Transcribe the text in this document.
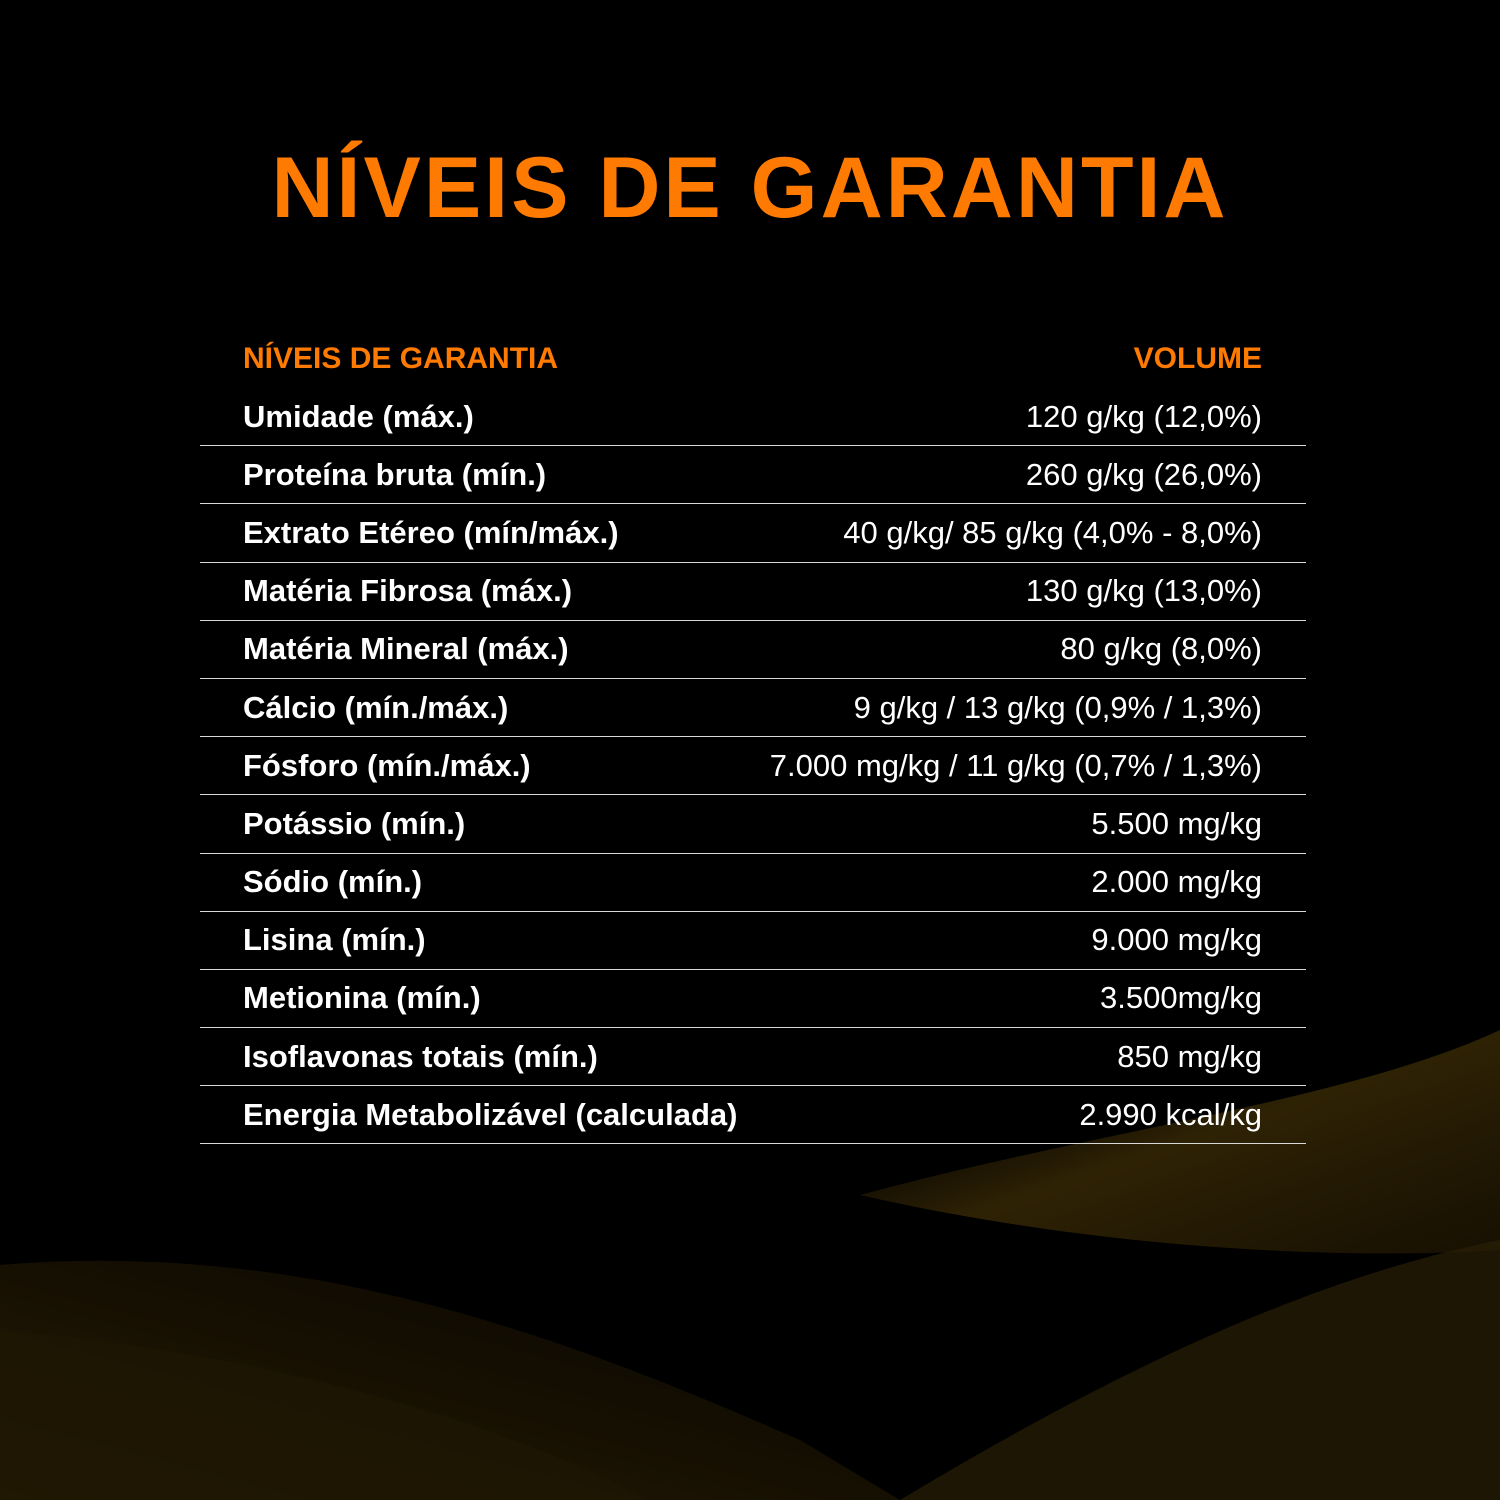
NÍVEIS DE GARANTIA
NÍVEIS DE GARANTIA	VOLUME
Umidade (máx.)	120 g/kg (12,0%)
Proteína bruta (mín.)	260 g/kg (26,0%)
Extrato Etéreo (mín/máx.)	40 g/kg/ 85 g/kg (4,0% - 8,0%)
Matéria Fibrosa (máx.)	130 g/kg (13,0%)
Matéria Mineral (máx.)	80 g/kg (8,0%)
Cálcio (mín./máx.)	9 g/kg / 13 g/kg (0,9% / 1,3%)
Fósforo (mín./máx.)	7.000 mg/kg / 11 g/kg (0,7% / 1,3%)
Potássio (mín.)	5.500 mg/kg
Sódio (mín.)	2.000 mg/kg
Lisina (mín.)	9.000 mg/kg
Metionina (mín.)	3.500mg/kg
Isoflavonas totais (mín.)	850 mg/kg
Energia Metabolizável (calculada)	2.990 kcal/kg
